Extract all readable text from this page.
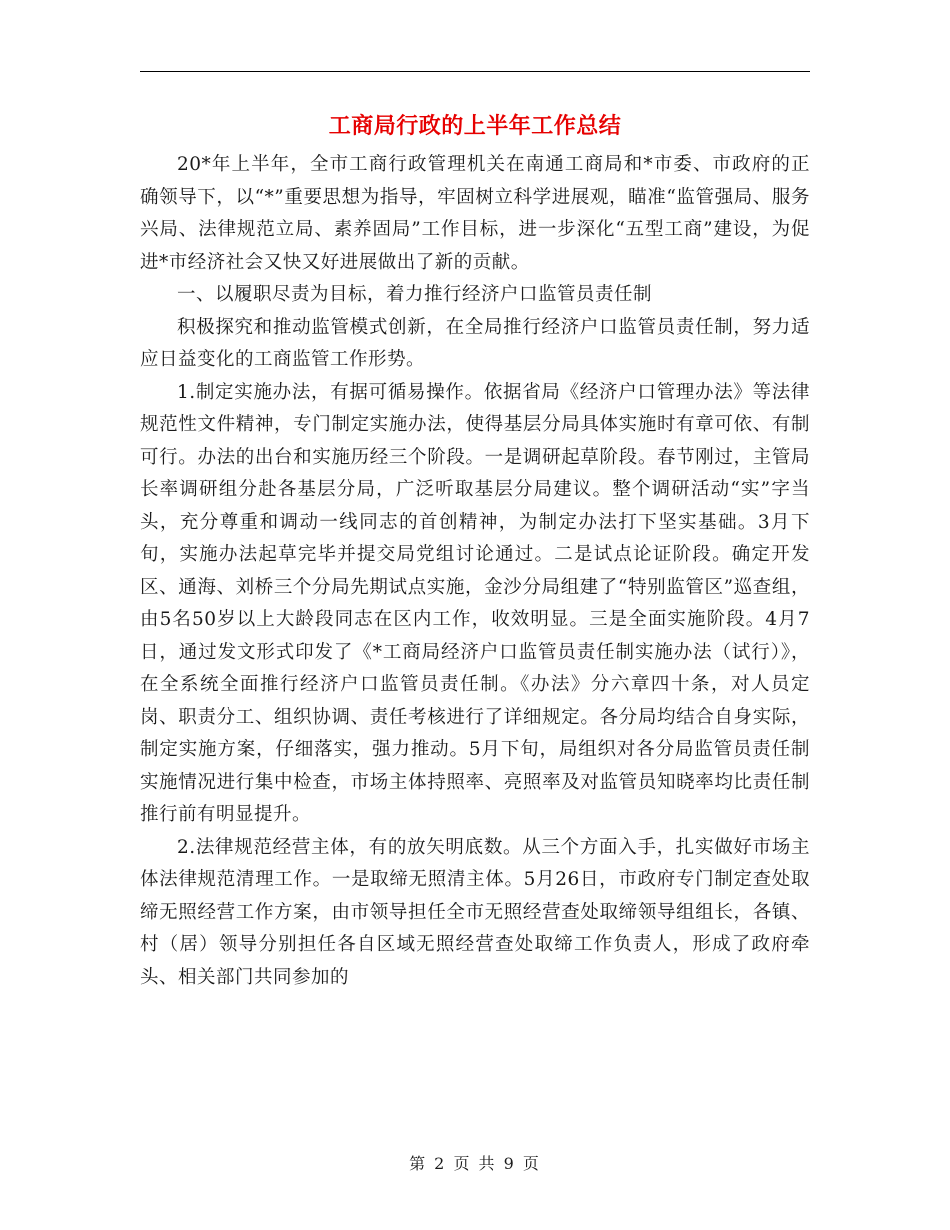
工商局行政的上半年工作总结

20*年上半年，全市工商行政管理机关在南通工商局和*市委、市政府的正确领导下，以“*”重要思想为指导，牢固树立科学进展观，瞄准“监管强局、服务兴局、法律规范立局、素养固局”工作目标，进一步深化“五型工商”建设，为促进*市经济社会又快又好进展做出了新的贡献。

一、以履职尽责为目标，着力推行经济户口监管员责任制

积极探究和推动监管模式创新，在全局推行经济户口监管员责任制，努力适应日益变化的工商监管工作形势。

1.制定实施办法，有据可循易操作。依据省局《经济户口管理办法》等法律规范性文件精神，专门制定实施办法，使得基层分局具体实施时有章可依、有制可行。办法的出台和实施历经三个阶段。一是调研起草阶段。春节刚过，主管局长率调研组分赴各基层分局，广泛听取基层分局建议。整个调研活动“实”字当头，充分尊重和调动一线同志的首创精神，为制定办法打下坚实基础。3月下旬，实施办法起草完毕并提交局党组讨论通过。二是试点论证阶段。确定开发区、通海、刘桥三个分局先期试点实施，金沙分局组建了“特别监管区”巡查组，由5名50岁以上大龄段同志在区内工作，收效明显。三是全面实施阶段。4月7日，通过发文形式印发了《*工商局经济户口监管员责任制实施办法（试行）》，在全系统全面推行经济户口监管员责任制。《办法》分六章四十条，对人员定岗、职责分工、组织协调、责任考核进行了详细规定。各分局均结合自身实际，制定实施方案，仔细落实，强力推动。5月下旬，局组织对各分局监管员责任制实施情况进行集中检查，市场主体持照率、亮照率及对监管员知晓率均比责任制推行前有明显提升。

2.法律规范经营主体，有的放矢明底数。从三个方面入手，扎实做好市场主体法律规范清理工作。一是取缔无照清主体。5月26日，市政府专门制定查处取缔无照经营工作方案，由市领导担任全市无照经营查处取缔领导组组长，各镇、村（居）领导分别担任各自区域无照经营查处取缔工作负责人，形成了政府牵头、相关部门共同参加的

第 2 页 共 9 页
